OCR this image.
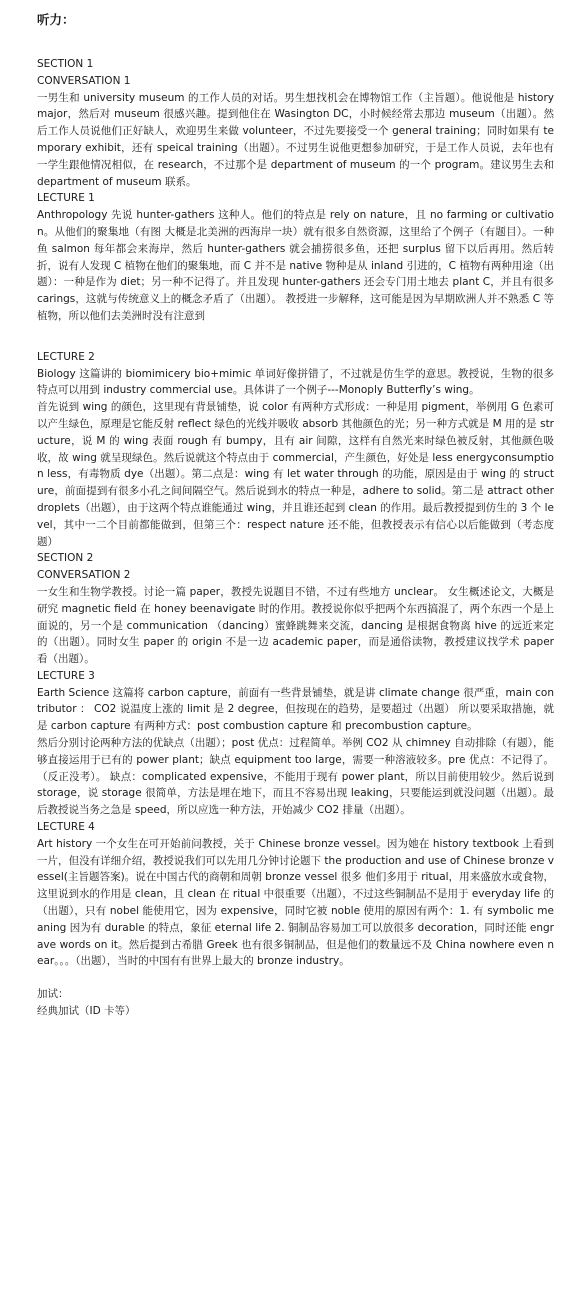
听力：

SECTION 1

CONVERSATION 1

一男生和 university museum 的工作人员的对话。男生想找机会在博物馆工作（主旨题）。他说他是 history major，然后对 museum 很感兴趣。提到他住在 Wasington DC，小时候经常去那边 museum（出题）。然后工作人员说他们正好缺人，欢迎男生来做 volunteer，不过先要接受一个 general training；同时如果有 temporary exhibit，还有 speical training（出题）。不过男生说他更想参加研究，于是工作人员说，去年也有一学生跟他情况相似，在 research，不过那个是 department of museum 的一个 program。建议男生去和 department of museum 联系。

LECTURE 1

Anthropology 先说 hunter-gathers 这种人。他们的特点是 rely on nature，且 no farming or cultivation。从他们的聚集地（有图 大概是北美洲的西海岸一块）就有很多自然资源，这里给了个例子（有题目）。一种鱼 salmon 每年都会来海岸，然后 hunter-gathers 就会捕捞很多鱼，还把 surplus 留下以后再用。然后转折，说有人发现 C 植物在他们的聚集地，而 C 并不是 native 物种是从 inland 引进的，C 植物有两种用途（出题）：一种是作为 diet；另一种不记得了。并且发现 hunter-gathers 还会专门用土地去 plant C，并且有很多 carings，这就与传统意义上的概念矛盾了（出题）。 教授进一步解释，这可能是因为早期欧洲人并不熟悉 C 等植物，所以他们去美洲时没有注意到

LECTURE 2

Biology 这篇讲的 biomimicery bio+mimic 单词好像拼错了，不过就是仿生学的意思。教授说，生物的很多特点可以用到 industry commercial use。具体讲了一个例子---Monoply Butterfly’s wing。

首先说到 wing 的颜色，这里现有背景铺垫，说 color 有两种方式形成：一种是用 pigment，举例用 G 色素可以产生绿色，原理是它能反射 reflect 绿色的光线并吸收 absorb 其他颜色的光；另一种方式就是 M 用的是 structure，说 M 的 wing 表面 rough 有 bumpy，且有 air 间隙，这样有自然光来时绿色被反射，其他颜色吸收，故 wing 就呈现绿色。然后说就这个特点由于 commercial，产生颜色，好处是 less energyconsumption less，有毒物质 dye（出题）。第二点是：wing 有 let water through 的功能，原因是由于 wing 的 structure，前面提到有很多小孔之间间隔空气。然后说到水的特点一种是，adhere to solid。第二是 attract other droplets（出题），由于这两个特点谁能通过 wing，并且谁还起到 clean 的作用。最后教授提到仿生的 3 个 level，其中一二个目前都能做到，但第三个：respect nature 还不能，但教授表示有信心以后能做到（考态度题）

SECTION 2

CONVERSATION 2

一女生和生物学教授。讨论一篇 paper，教授先说题目不错，不过有些地方 unclear。 女生概述论文，大概是研究 magnetic field 在 honey beenavigate 时的作用。教授说你似乎把两个东西搞混了，两个东西一个是上面说的，另一个是 communication （dancing）蜜蜂跳舞来交流，dancing 是根据食物离 hive 的远近来定的（出题）。同时女生 paper 的 origin 不是一边 academic paper，而是通俗读物，教授建议找学术 paper 看（出题）。

LECTURE 3

Earth Science 这篇将 carbon capture，前面有一些背景铺垫，就是讲 climate change 很严重，main contributor ： CO2 说温度上涨的 limit 是 2 degree，但按现在的趋势，是要超过（出题） 所以要采取措施，就是 carbon capture 有两种方式：post combustion capture 和 precombustion capture。

然后分别讨论两种方法的优缺点（出题）；post 优点：过程简单。举例 CO2 从 chimney 自动排除（有题），能够直接运用于已有的 power plant；缺点 equipment too large，需要一种溶液较多。pre 优点：不记得了。（反正没考）。 缺点：complicated expensive，不能用于现有 power plant，所以目前使用较少。然后说到 storage，说 storage 很简单，方法是埋在地下，而且不容易出现 leaking，只要能运到就没问题（出题）。最后教授说当务之急是 speed，所以应选一种方法，开始减少 CO2 排量（出题）。

LECTURE 4

Art history 一个女生在可开始前问教授，关于 Chinese bronze vessel。因为她在 history textbook 上看到一片，但没有详细介绍，教授说我们可以先用几分钟讨论题下 the production and use of Chinese bronze vessel(主旨题答案)。说在中国古代的商朝和周朝 bronze vessel 很多 他们多用于 ritual，用来盛放水或食物，这里说到水的作用是 clean，且 clean 在 ritual 中很重要（出题），不过这些铜制品不是用于 everyday life 的（出题），只有 nobel 能使用它，因为 expensive，同时它被 noble 使用的原因有两个：1. 有 symbolic meaning 因为有 durable 的特点，象征 eternal life 2. 铜制品容易加工可以放很多 decoration，同时还能 engrave words on it。然后提到古希腊 Greek 也有很多铜制品，但是他们的数量远不及 China nowhere even near。。。（出题），当时的中国有有世界上最大的 bronze industry。

加试：

经典加试（ID 卡等）
